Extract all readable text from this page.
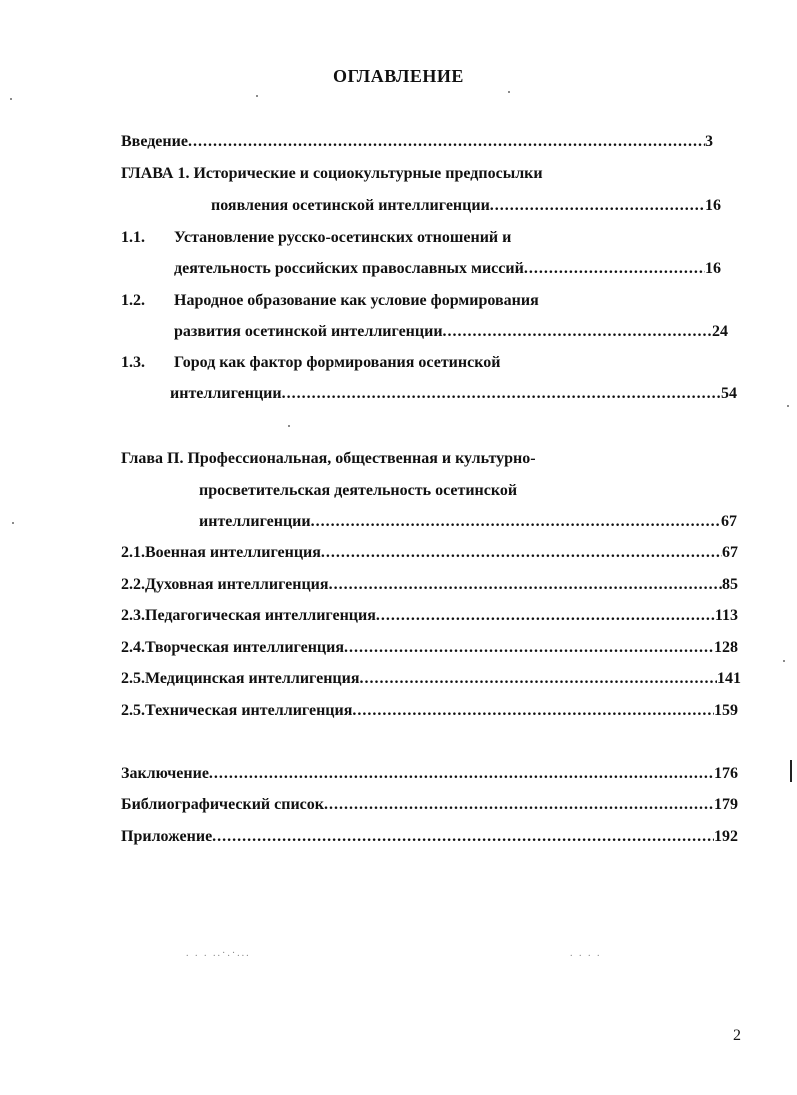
ОГЛАВЛЕНИЕ
Введение .....	3
ГЛАВА 1. Исторические и социокультурные предпосылки
появления осетинской интеллигенции .....	16
1.1. Установление русско-осетинских отношений и
деятельность российских православных миссий .....	16
1.2. Народное образование как условие формирования
развития осетинской интеллигенции .....	24
1.3. Город как фактор формирования осетинской
интеллигенции .....	54
Глава П. Профессиональная, общественная и культурно-
просветительская деятельность осетинской
интеллигенции .....	67
2.1. Военная интеллигенция .....	67
2.2. Духовная интеллигенция .....	85
2.3. Педагогическая интеллигенция .....	113
2.4. Творческая интеллигенция .....	128
2.5. Медицинская интеллигенция .....	141
2.5. Техническая интеллигенция .....	159
Заключение .....	176
Библиографический список .....	179
Приложение .....	192
2
. . . ..·.·...	. . . .
